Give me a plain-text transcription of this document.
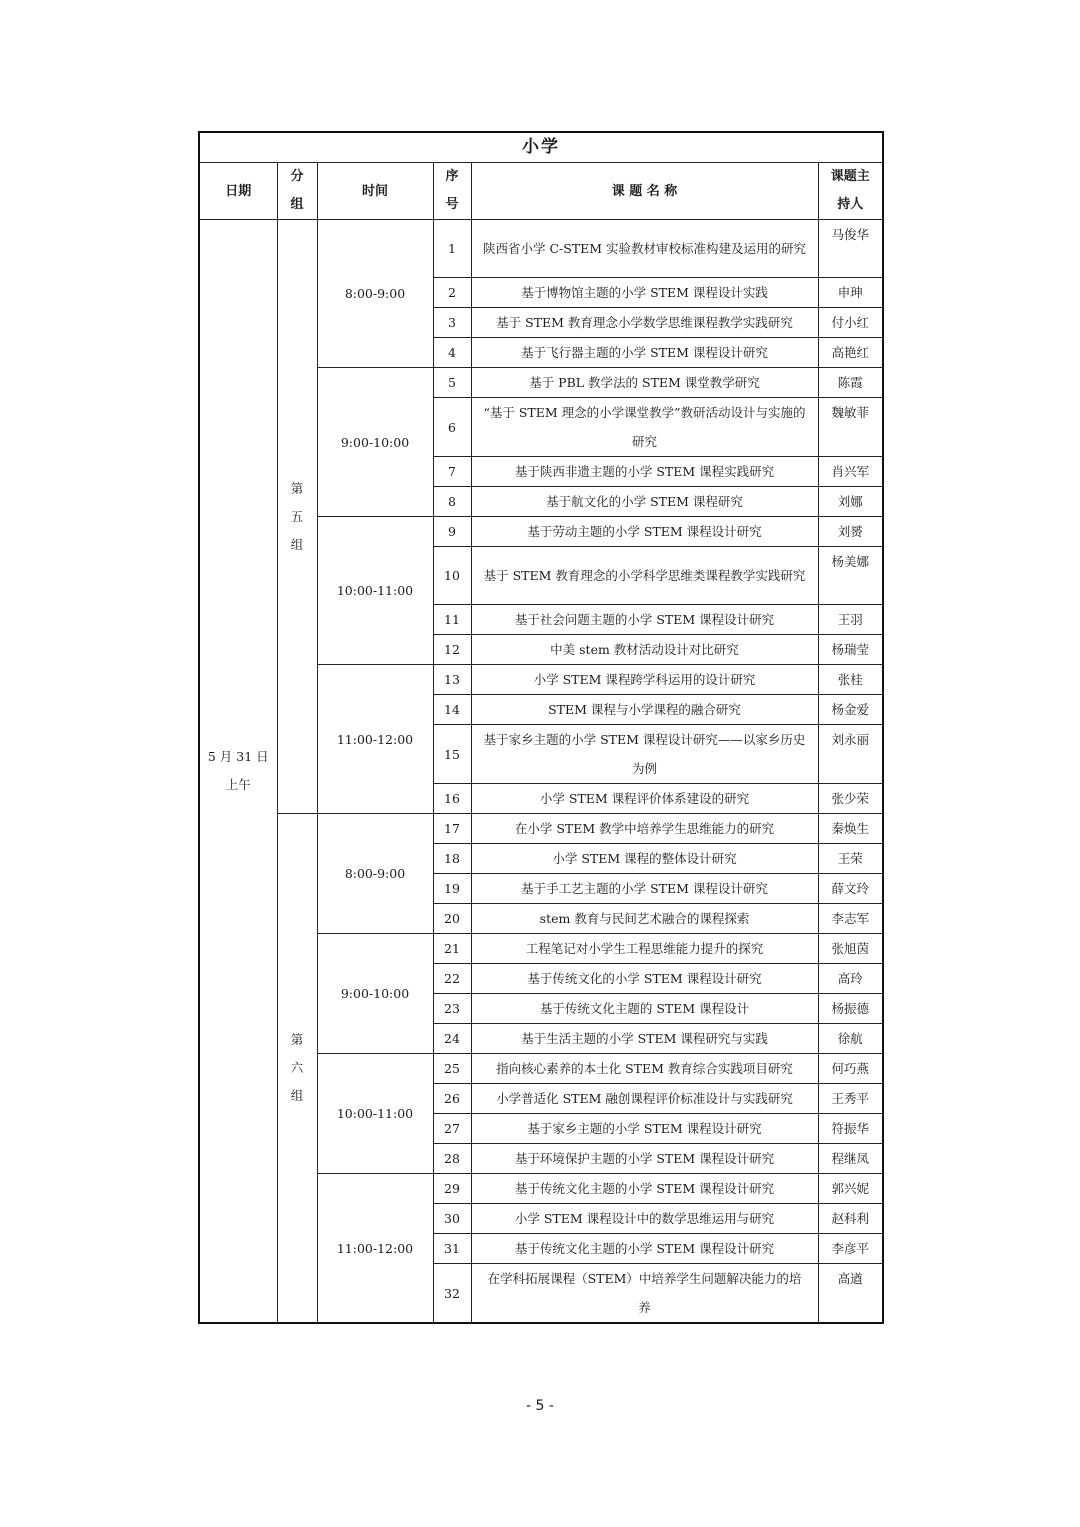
小学					
日期	分组	时间	序号	课 题 名 称	课题主持人

5 月 31 日
上午	第五组	8:00-9:00	1	陕西省小学 C-STEM 实验教材审校标准构建及运用的研究	马俊华
			2	基于博物馆主题的小学 STEM 课程设计实践	申珅
			3	基于 STEM 教育理念小学数学思维课程教学实践研究	付小红
			4	基于飞行器主题的小学 STEM 课程设计研究	高艳红
		9:00-10:00	5	基于 PBL 教学法的 STEM 课堂教学研究	陈霞
			6	“基于 STEM 理念的小学课堂教学”教研活动设计与实施的研究	魏敏菲
			7	基于陕西非遗主题的小学 STEM 课程实践研究	肖兴军
			8	基于航文化的小学 STEM 课程研究	刘娜
		10:00-11:00	9	基于劳动主题的小学 STEM 课程设计研究	刘赟
			10	基于 STEM 教育理念的小学科学思维类课程教学实践研究	杨美娜
			11	基于社会问题主题的小学 STEM 课程设计研究	王羽
			12	中美 stem 教材活动设计对比研究	杨瑞莹
		11:00-12:00	13	小学 STEM 课程跨学科运用的设计研究	张桂
			14	STEM 课程与小学课程的融合研究	杨金爱
			15	基于家乡主题的小学 STEM 课程设计研究——以家乡历史为例	刘永丽
			16	小学 STEM 课程评价体系建设的研究	张少荣
	第六组	8:00-9:00	17	在小学 STEM 教学中培养学生思维能力的研究	秦焕生
			18	小学 STEM 课程的整体设计研究	王荣
			19	基于手工艺主题的小学 STEM 课程设计研究	薛文玲
			20	stem 教育与民间艺术融合的课程探索	李志军
		9:00-10:00	21	工程笔记对小学生工程思维能力提升的探究	张旭茵
			22	基于传统文化的小学 STEM 课程设计研究	高玲
			23	基于传统文化主题的 STEM 课程设计	杨振德
			24	基于生活主题的小学 STEM 课程研究与实践	徐航
		10:00-11:00	25	指向核心素养的本土化 STEM 教育综合实践项目研究	何巧燕
			26	小学普适化 STEM 融创课程评价标准设计与实践研究	王秀平
			27	基于家乡主题的小学 STEM 课程设计研究	符振华
			28	基于环境保护主题的小学 STEM 课程设计研究	程继凤
		11:00-12:00	29	基于传统文化主题的小学 STEM 课程设计研究	郭兴妮
			30	小学 STEM 课程设计中的数学思维运用与研究	赵科利
			31	基于传统文化主题的小学 STEM 课程设计研究	李彦平
			32	在学科拓展课程（STEM）中培养学生问题解决能力的培养	高遒
- 5 -
